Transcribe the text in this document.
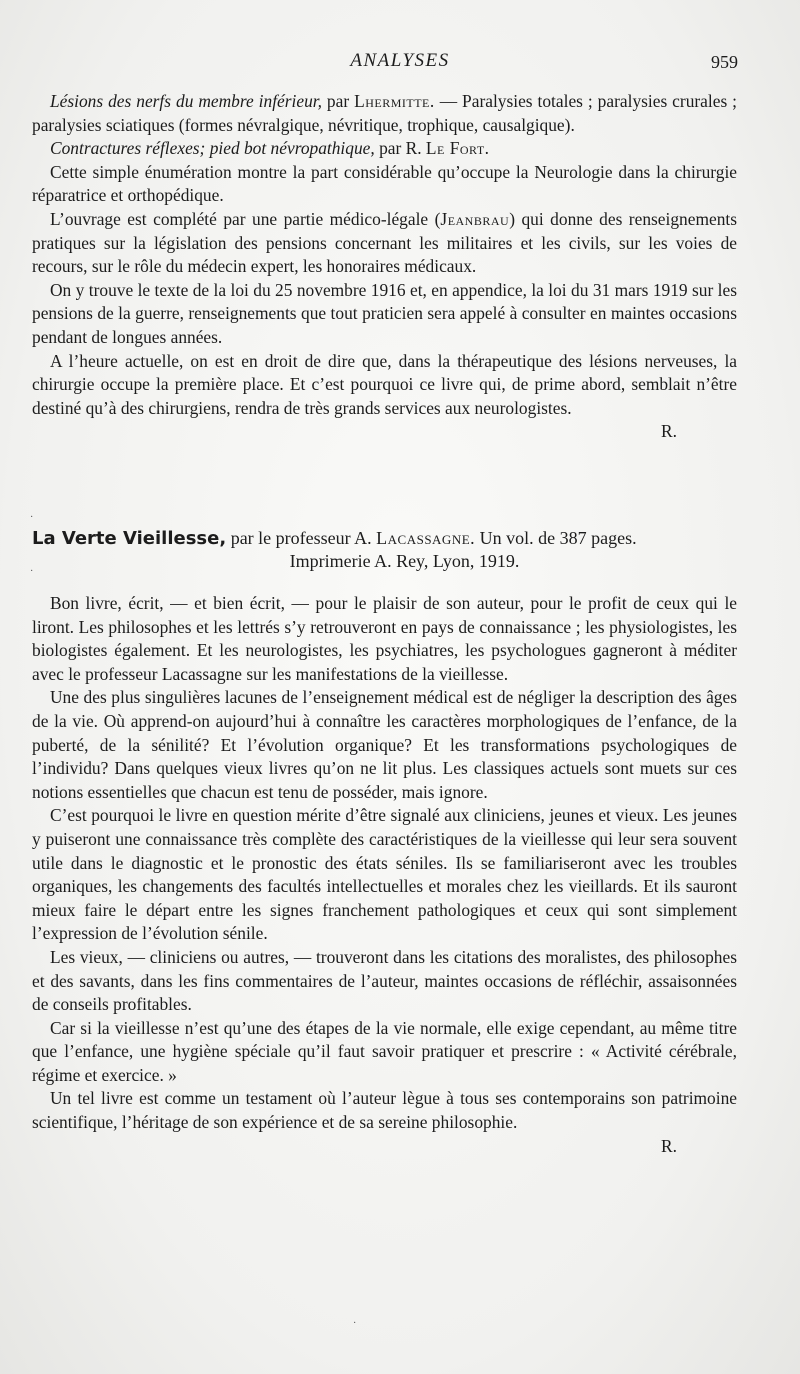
ANALYSES	959

Lésions des nerfs du membre inférieur, par Lhermitte. — Paralysies totales ; paralysies crurales ; paralysies sciatiques (formes névralgique, névritique, trophique, causalgique).

Contractures réflexes; pied bot névropathique, par R. Le Fort.

Cette simple énumération montre la part considérable qu’occupe la Neurologie dans la chirurgie réparatrice et orthopédique.

L’ouvrage est complété par une partie médico-légale (Jeanbrau) qui donne des renseignements pratiques sur la législation des pensions concernant les militaires et les civils, sur les voies de recours, sur le rôle du médecin expert, les honoraires médicaux.

On y trouve le texte de la loi du 25 novembre 1916 et, en appendice, la loi du 31 mars 1919 sur les pensions de la guerre, renseignements que tout praticien sera appelé à consulter en maintes occasions pendant de longues années.

A l’heure actuelle, on est en droit de dire que, dans la thérapeutique des lésions nerveuses, la chirurgie occupe la première place. Et c’est pourquoi ce livre qui, de prime abord, semblait n’être destiné qu’à des chirurgiens, rendra de très grands services aux neurologistes.

R.
·
La Verte Vieillesse, par le professeur A. Lacassagne. Un vol. de 387 pages.
Imprimerie A. Rey, Lyon, 1919.
·

Bon livre, écrit, — et bien écrit, — pour le plaisir de son auteur, pour le profit de ceux qui le liront. Les philosophes et les lettrés s’y retrouveront en pays de connaissance ; les physiologistes, les biologistes également. Et les neurologistes, les psychiatres, les psychologues gagneront à méditer avec le professeur Lacassagne sur les manifestations de la vieillesse.

Une des plus singulières lacunes de l’enseignement médical est de négliger la description des âges de la vie. Où apprend-on aujourd’hui à connaître les caractères morphologiques de l’enfance, de la puberté, de la sénilité? Et l’évolution organique? Et les transformations psychologiques de l’individu? Dans quelques vieux livres qu’on ne lit plus. Les classiques actuels sont muets sur ces notions essentielles que chacun est tenu de posséder, mais ignore.

C’est pourquoi le livre en question mérite d’être signalé aux cliniciens, jeunes et vieux. Les jeunes y puiseront une connaissance très complète des caractéristiques de la vieillesse qui leur sera souvent utile dans le diagnostic et le pronostic des états séniles. Ils se familiariseront avec les troubles organiques, les changements des facultés intellectuelles et morales chez les vieillards. Et ils sauront mieux faire le départ entre les signes franchement pathologiques et ceux qui sont simplement l’expression de l’évolution sénile.

Les vieux, — cliniciens ou autres, — trouveront dans les citations des moralistes, des philosophes et des savants, dans les fins commentaires de l’auteur, maintes occasions de réfléchir, assaisonnées de conseils profitables.

Car si la vieillesse n’est qu’une des étapes de la vie normale, elle exige cependant, au même titre que l’enfance, une hygiène spéciale qu’il faut savoir pratiquer et prescrire : « Activité cérébrale, régime et exercice. »

Un tel livre est comme un testament où l’auteur lègue à tous ses contemporains son patrimoine scientifique, l’héritage de son expérience et de sa sereine philosophie.

R.
·
